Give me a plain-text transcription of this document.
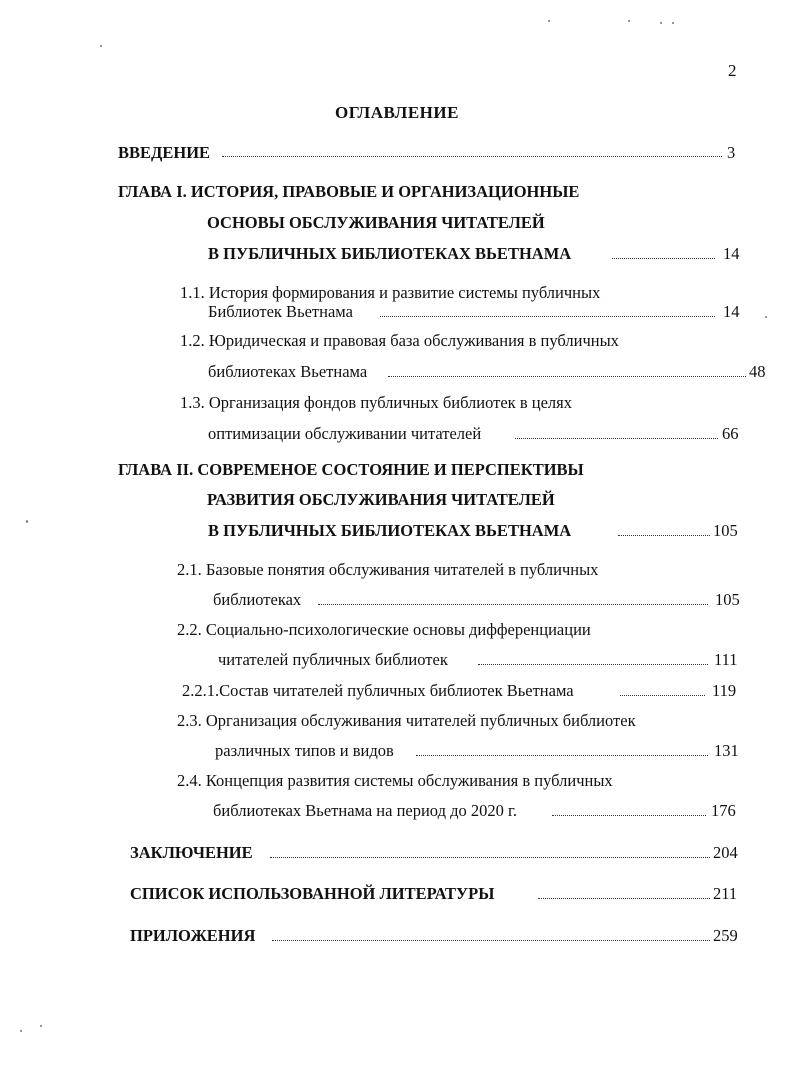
2
ОГЛАВЛЕНИЕ
ВВЕДЕНИЕ	3
ГЛАВА I. ИСТОРИЯ, ПРАВОВЫЕ И ОРГАНИЗАЦИОННЫЕ
ОСНОВЫ ОБСЛУЖИВАНИЯ ЧИТАТЕЛЕЙ
В ПУБЛИЧНЫХ БИБЛИОТЕКАХ ВЬЕТНАМА	14
1.1. История формирования и развитие системы публичных
Библиотек Вьетнама	14
1.2. Юридическая и правовая база обслуживания в публичных
библиотеках Вьетнама	48
1.3. Организация фондов публичных библиотек в целях
оптимизации обслуживании читателей	66
ГЛАВА II. СОВРЕМЕНОЕ СОСТОЯНИЕ И ПЕРСПЕКТИВЫ
РАЗВИТИЯ ОБСЛУЖИВАНИЯ ЧИТАТЕЛЕЙ
В ПУБЛИЧНЫХ БИБЛИОТЕКАХ ВЬЕТНАМА	105
2.1. Базовые понятия обслуживания читателей в публичных
библиотеках	105
2.2. Социально-психологические основы дифференциации
читателей публичных библиотек	111
2.2.1.Состав читателей публичных библиотек Вьетнама	119
2.3. Организация обслуживания читателей публичных библиотек
различных типов и видов	131
2.4. Концепция развития системы обслуживания в публичных
библиотеках Вьетнама на период до 2020 г.	176
ЗАКЛЮЧЕНИЕ	204
СПИСОК ИСПОЛЬЗОВАННОЙ ЛИТЕРАТУРЫ	211
ПРИЛОЖЕНИЯ	259
